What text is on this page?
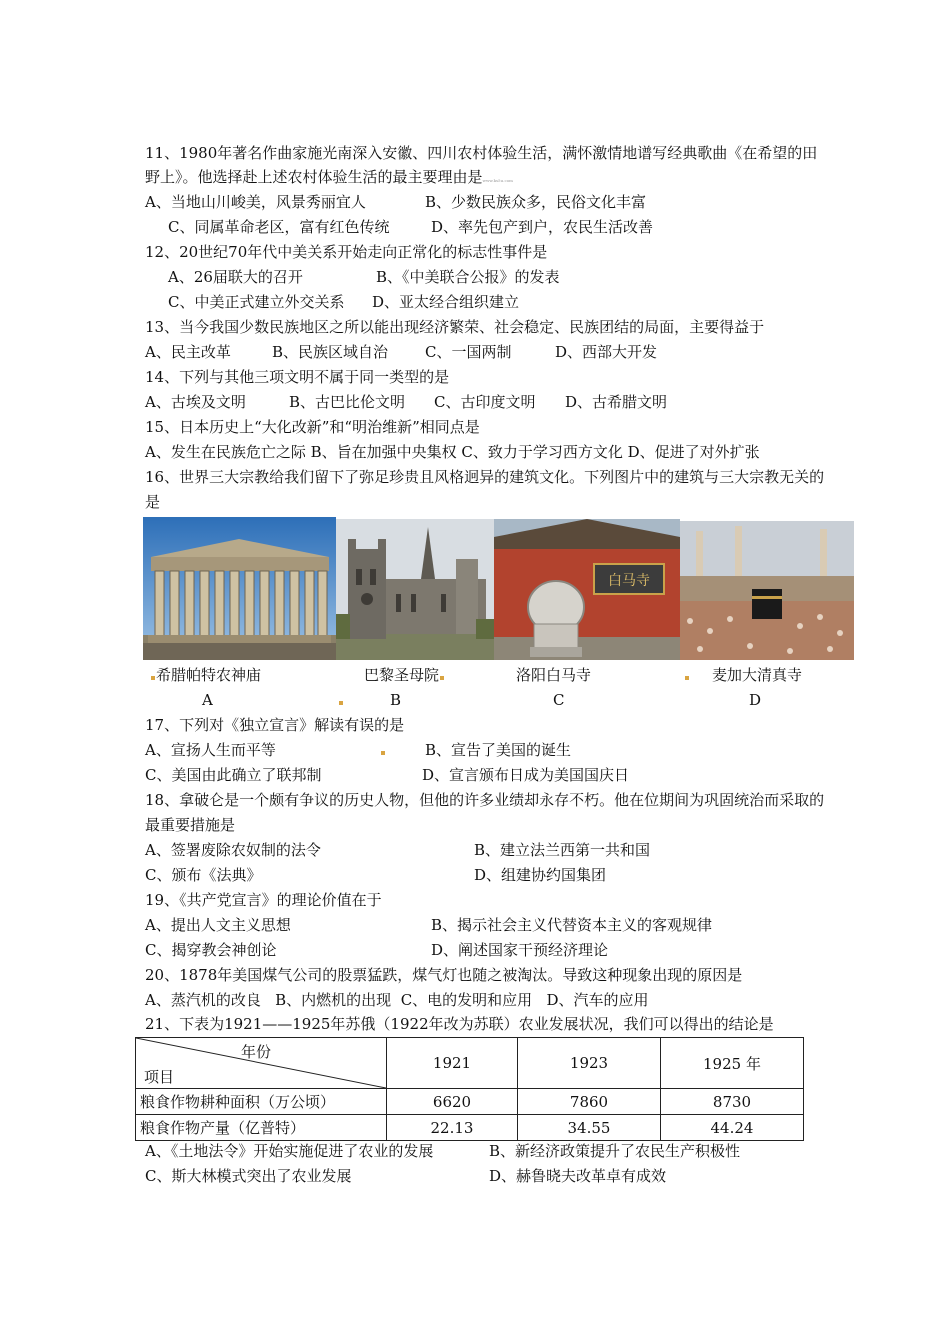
11、1980年著名作曲家施光南深入安徽、四川农村体验生活，满怀激情地谱写经典歌曲《在希望的田
野上》。他选择赴上述农村体验生活的最主要理由是www.ks5u.com
A、当地山川峻美，风景秀丽宜人	B、少数民族众多，民俗文化丰富
C、同属革命老区，富有红色传统	D、率先包产到户，农民生活改善
12、20世纪70年代中美关系开始走向正常化的标志性事件是
A、26届联大的召开	B、《中美联合公报》的发表
C、中美正式建立外交关系 D、亚太经合组织建立
13、当今我国少数民族地区之所以能出现经济繁荣、社会稳定、民族团结的局面，主要得益于
A、民主改革	B、民族区域自治 C、一国两制	D、西部大开发
14、下列与其他三项文明不属于同一类型的是
A、古埃及文明	B、古巴比伦文明 C、古印度文明 D、古希腊文明
15、日本历史上“大化改新”和“明治维新”相同点是
A、发生在民族危亡之际 B、旨在加强中央集权 C、致力于学习西方文化 D、促进了对外扩张
16、世界三大宗教给我们留下了弥足珍贵且风格迥异的建筑文化。下列图片中的建筑与三大宗教无关的
是
白马寺
希腊帕特农神庙	巴黎圣母院	洛阳白马寺	麦加大清真寺
A	B	C	D
17、下列对《独立宣言》解读有误的是
A、宣扬人生而平等	B、宣告了美国的诞生
C、美国由此确立了联邦制	D、宣言颁布日成为美国国庆日
18、拿破仑是一个颇有争议的历史人物，但他的许多业绩却永存不朽。他在位期间为巩固统治而采取的
最重要措施是
A、签署废除农奴制的法令	B、建立法兰西第一共和国
C、颁布《法典》	D、组建协约国集团
19、《共产党宣言》的理论价值在于
A、提出人文主义思想	B、揭示社会主义代替资本主义的客观规律
C、揭穿教会神创论	D、阐述国家干预经济理论
20、1878年美国煤气公司的股票猛跌，煤气灯也随之被淘汰。导致这种现象出现的原因是
A、蒸汽机的改良   B、内燃机的出现  C、电的发明和应用   D、汽车的应用
21、下表为1921——1925年苏俄（1922年改为苏联）农业发展状况，我们可以得出的结论是
年份
项目	1921	1923	1925 年
粮食作物耕种面积（万公顷）	6620	7860	8730
粮食作物产量（亿普特）	22.13	34.55	44.24
A、《土地法令》开始实施促进了农业的发展	B、新经济政策提升了农民生产积极性
C、斯大林模式突出了农业发展	D、赫鲁晓夫改革卓有成效
